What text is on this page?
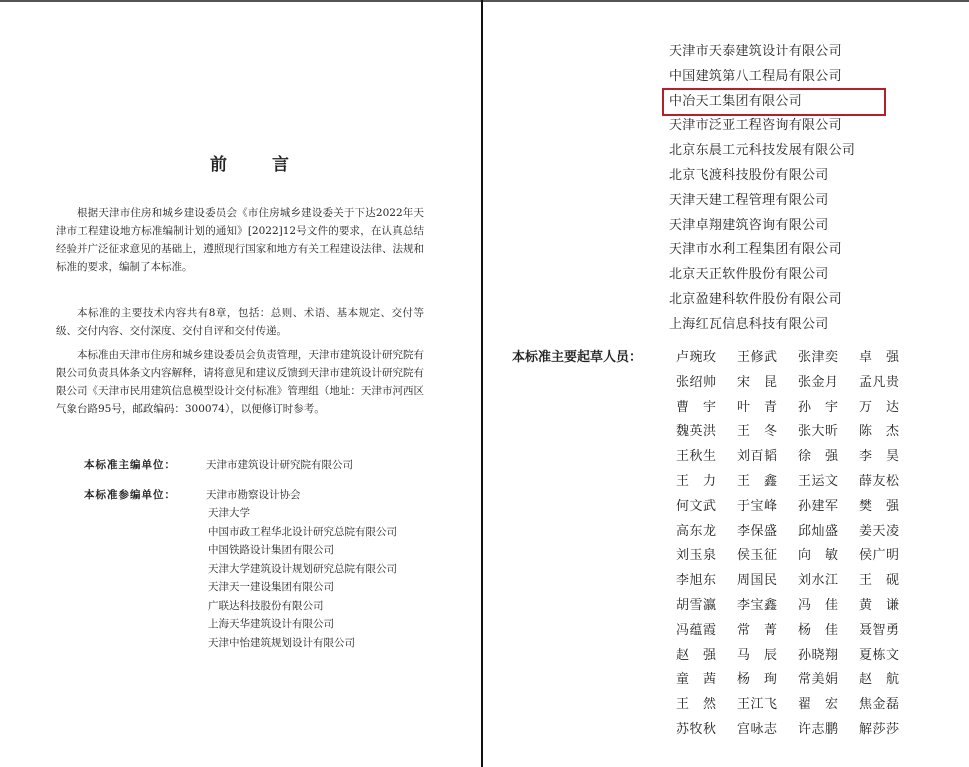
前　言

根据天津市住房和城乡建设委员会《市住房城乡建设委关于下达2022年天津市工程建设地方标准编制计划的通知》[2022]12号文件的要求，在认真总结经验并广泛征求意见的基础上，遵照现行国家和地方有关工程建设法律、法规和标准的要求，编制了本标准。

本标准的主要技术内容共有8章，包括：总则、术语、基本规定、交付等级、交付内容、交付深度、交付自评和交付传递。

本标准由天津市住房和城乡建设委员会负责管理，天津市建筑设计研究院有限公司负责具体条文内容解释，请将意见和建议反馈到天津市建筑设计研究院有限公司《天津市民用建筑信息模型设计交付标准》管理组（地址：天津市河西区气象台路95号，邮政编码：300074），以便修订时参考。

本标准主编单位：	天津市建筑设计研究院有限公司
本标准参编单位：	天津市勘察设计协会
天津大学
中国市政工程华北设计研究总院有限公司
中国铁路设计集团有限公司
天津大学建筑设计规划研究总院有限公司
天津天一建设集团有限公司
广联达科技股份有限公司
上海天华建筑设计有限公司
天津中怡建筑规划设计有限公司
天津市天泰建筑设计有限公司
中国建筑第八工程局有限公司
中冶天工集团有限公司
天津市泛亚工程咨询有限公司
北京东晨工元科技发展有限公司
北京飞渡科技股份有限公司
天津天建工程管理有限公司
天津卓翔建筑咨询有限公司
天津市水利工程集团有限公司
北京天正软件股份有限公司
北京盈建科软件股份有限公司
上海红瓦信息科技有限公司
本标准主要起草人员：	卢琬玫	王修武	张津奕	卓　强
张绍帅	宋　昆	张金月	孟凡贵
曹　宇	叶　青	孙　宇	万　达
魏英洪	王　冬	张大昕	陈　杰
王秋生	刘百韬	徐　强	李　昊
王　力	王　鑫	王运文	薛友松
何文武	于宝峰	孙建军	樊　强
高东龙	李保盛	邱灿盛	姜天凌
刘玉泉	侯玉征	向　敏	侯广明
李旭东	周国民	刘水江	王　砚
胡雪瀛	李宝鑫	冯　佳	黄　谦
冯蕴霞	常　菁	杨　佳	聂智勇
赵　强	马　辰	孙晓翔	夏栋文
童　茜	杨　珣	常美娟	赵　航
王　然	王江飞	翟　宏	焦金磊
苏牧秋	宫咏志	许志鹏	解莎莎
